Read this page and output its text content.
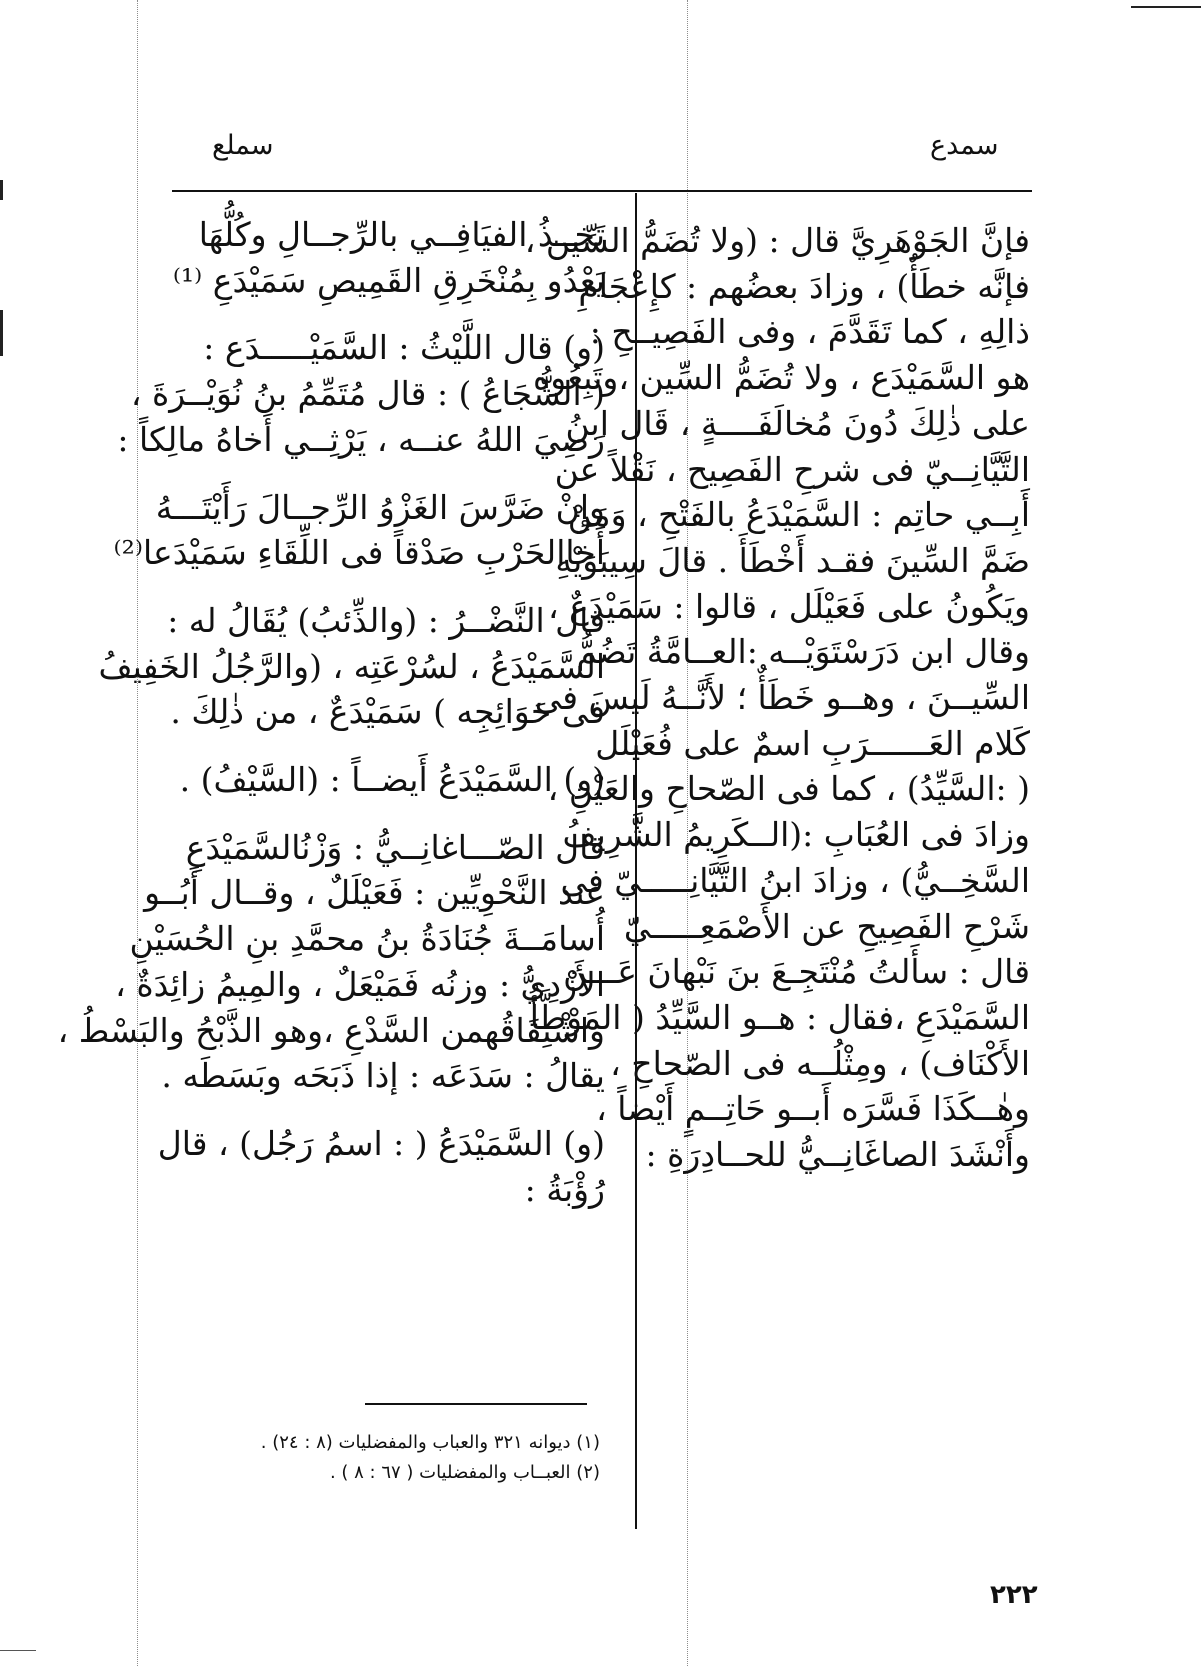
سملع	سمدع
فإنَّ الجَوْهَرِيَّ قال : (ولا تُضَمُّ السِّين ،
فإنَّه خطَأٌ) ، وزادَ بعضُهم : كإِعْجَامِ
ذالِهِ ، كما تَقَدَّمَ ، وفى الفَصِيــحِ :
هو السَّمَيْدَع ، ولا تُضَمُّ السِّين ،وتَبِعُوه
على ذٰلِكَ دُونَ مُخالَفَــــةٍ ، قَال ابنُ
التَّيَّانِــيّ فى شرحِ الفَصِيح ، نَقْلاً عن
أَبِــي حاتِم : السَّمَيْدَعُ بالفَتْحِ ، وَمَنْ
ضَمَّ السِّينَ فقـد أَخْطَأَ . قالَ سِيبَوَيْهِ
ويَكُونُ على فَعَيْلَل ، قالوا : سَمَيْدَعٌ ،
وقال ابن دَرَسْتَوَيْــه :العــامَّةُ تَضُمُّ
السِّيــنَ ، وهــو خَطَأٌ ؛ لأَنَّــهُ لَيسَ فى
كَلام العَــــــرَبِ اسمٌ على فُعَيْلَل
( :السَّيِّدُ) ، كما فى الصّحاحِ والعَيْنِ ،
وزادَ فى العُبَابِ :(الــكَرِيمُ الشَّرِيفُ
السَّخِــيُّ) ، وزادَ ابنُ التَّيَّانِـــــيّ فى
شَرْحِ الفَصِيحِ عن الأَصْمَعِـــــيّ
قال : سأَلتُ مُنْتَجِـعَ بنَ نَبْهانَ عَـــن
السَّمَيْدَعِ ،فقال : هــو السَّيِّدُ ( المَوْطَّأُ
الأَكْنَاف) ، ومِثْلُــه فى الصّحاحِ ،
وهٰــكَذَا فَسَّرَه أَبــو حَاتِــمٍ أَيْضاً ،
وأَنْشَدَ الصاغَانِــيُّ للحــادِرَةِ :
تَخِــذُ الفيَافِــي بالرِّجــالِ وكُلُّهَا
يَعْدُو بِمُنْخَرِقِ القَمِيصِ سَمَيْدَعِ ⁽¹⁾
(و) قال اللَّيْثُ : السَّمَيْـــــدَع :
( الشُّجَاعُ ) : قال مُتَمِّمُ بنُ نُوَيْــرَةَ ،
رَضِيَ اللهُ عنــه ، يَرْثِــي أَخاهُ مالِكاً :
وإِنْ ضَرَّسَ الغَزْوُ الرِّجــالَ رَأَيْتَـــهُ
أَخاالحَرْبِ صَدْقاً فى اللِّقَاءِ سَمَيْدَعا⁽²⁾
قال النَّضْــرُ : (والذِّئبُ) يُقَالُ له :
السَّمَيْدَعُ ، لسُرْعَتِه ، (والرَّجُلُ الخَفِيفُ
فى حَوَائِجِه ) سَمَيْدَعٌ ، من ذٰلِكَ .
(و) السَّمَيْدَعُ أَيضــاً : (السَّيْفُ) .
قال الصّـــاغانِــيُّ : وَزْنُالسَّمَيْدَعِ
عند النَّحْوِيِّين : فَعَيْلَلٌ ، وقــال أَبُــو
أُسامَــةَ جُنَادَةُ بنُ محمَّدِ بنِ الحُسَيْنِ
الأَزْدِيُّ : وزنُه فَمَيْعَلٌ ، والمِيمُ زائِدَةٌ ،
واشْتِقَاقُهمن السَّدْعِ ،وهو الذَّبْحُ والبَسْطُ ،
يقالُ : سَدَعَه : إذا ذَبَحَه وبَسَطَه .
(و) السَّمَيْدَعُ ( : اسمُ رَجُل) ، قال
رُؤْبَةُ :
(١) ديوانه ٣٢١ والعباب والمفضليات (٨ : ٢٤) .
(٢) العبــاب والمفضليات ( ٦٧ : ٨ ) .
٢٢٢
